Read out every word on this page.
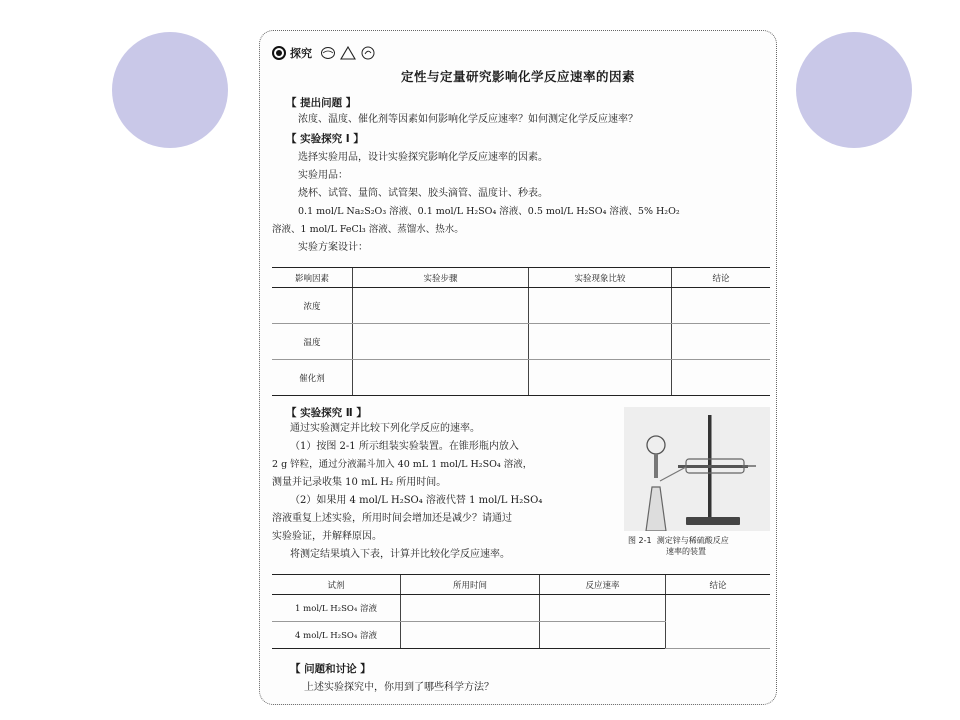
探究
定性与定量研究影响化学反应速率的因素
【 提出问题 】
浓度、温度、催化剂等因素如何影响化学反应速率？如何测定化学反应速率？
【 实验探究 Ⅰ 】
选择实验用品，设计实验探究影响化学反应速率的因素。
实验用品：
烧杯、试管、量筒、试管架、胶头滴管、温度计、秒表。
0.1 mol/L Na₂S₂O₃ 溶液、0.1 mol/L H₂SO₄ 溶液、0.5 mol/L H₂SO₄ 溶液、5% H₂O₂
溶液、1 mol/L FeCl₃ 溶液、蒸馏水、热水。
实验方案设计：
影响因素	实验步骤	实验现象比较	结论
浓度			
温度			
催化剂			
【 实验探究 Ⅱ 】
通过实验测定并比较下列化学反应的速率。
（1）按图 2-1 所示组装实验装置。在锥形瓶内放入
2 g 锌粒，通过分液漏斗加入 40 mL 1 mol/L H₂SO₄ 溶液，
测量并记录收集 10 mL H₂ 所用时间。
（2）如果用 4 mol/L H₂SO₄ 溶液代替 1 mol/L H₂SO₄
溶液重复上述实验，所用时间会增加还是减少？请通过
实验验证，并解释原因。
将测定结果填入下表，计算并比较化学反应速率。
图 2-1 测定锌与稀硫酸反应
速率的装置
试剂	所用时间	反应速率	结论
1 mol/L H₂SO₄ 溶液			
4 mol/L H₂SO₄ 溶液			
【 问题和讨论 】
上述实验探究中，你用到了哪些科学方法？
